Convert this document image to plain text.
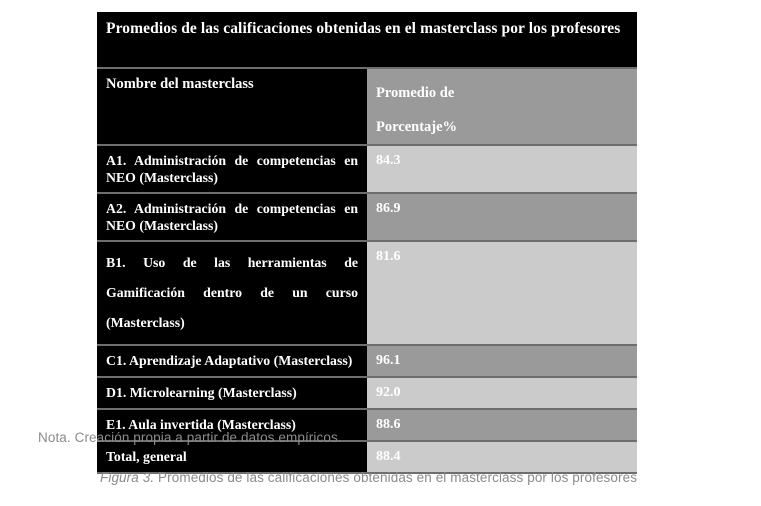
Promedios de las calificaciones obtenidas en el masterclass por los profesores	

Nombre del masterclass	Promedio de
Porcentaje%

A1. Administración de competencias en NEO (Masterclass)	84.3

A2. Administración de competencias en NEO (Masterclass)	86.9

B1. Uso de las herramientas de Gamificación dentro de un curso
(Masterclass)	81.6

C1. Aprendizaje Adaptativo (Masterclass)	96.1

D1. Microlearning (Masterclass)	92.0

E1. Aula invertida (Masterclass)	88.6

Total, general	88.4
Nota. Creación propia a partir de datos empíricos.
Figura 3. Promedios de las calificaciones obtenidas en el masterclass por los profesores
